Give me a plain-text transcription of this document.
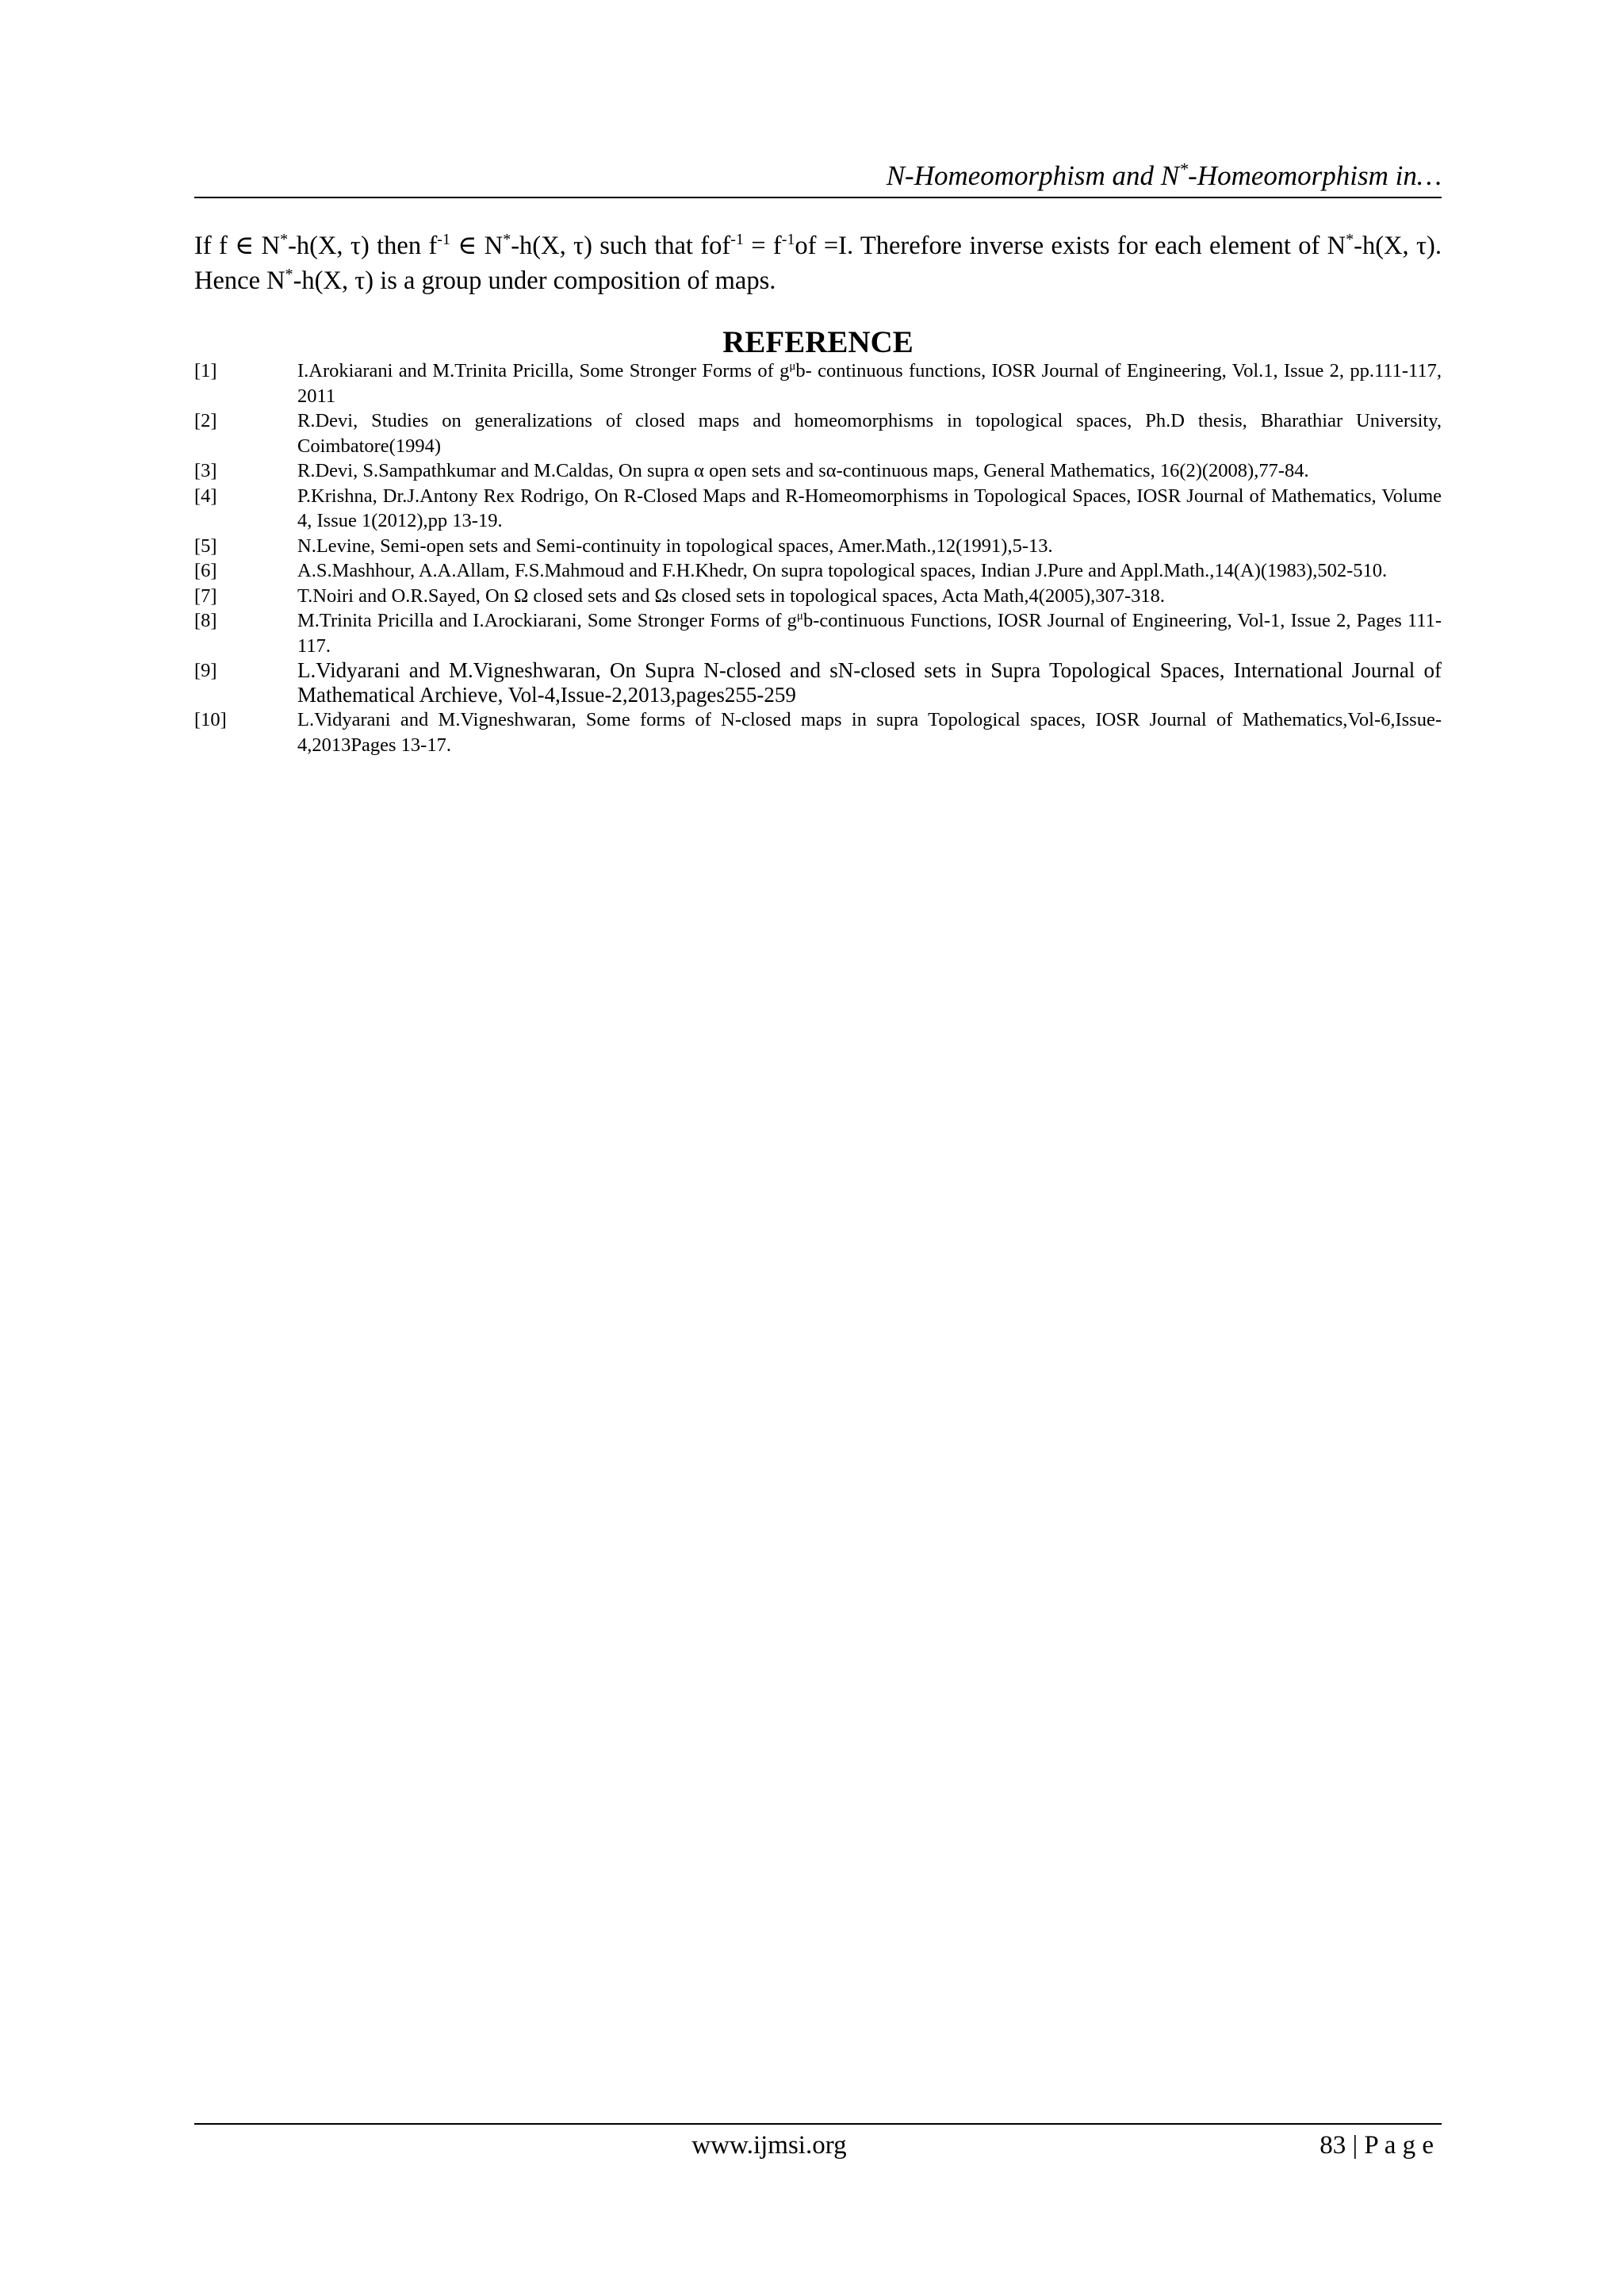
N-Homeomorphism and N*-Homeomorphism in…
If f ∈ N*-h(X, τ) then $f^{-1}$ ∈ N*-h(X, τ) such that $fof^{-1} = f^{-1}of =I$. Therefore inverse exists for each element of N*-h(X, τ). Hence N*-h(X, τ) is a group under composition of maps.
REFERENCE
[1]	I.Arokiarani and M.Trinita Pricilla, Some Stronger Forms of $g^\mu b-$ continuous functions, IOSR Journal of Engineering, Vol.1, Issue 2, pp.111-117, 2011
[2]	R.Devi, Studies on generalizations of closed maps and homeomorphisms in topological spaces, Ph.D thesis, Bharathiar University, Coimbatore(1994)
[3]	R.Devi, S.Sampathkumar and M.Caldas, On supra α open sets and sα-continuous maps, General Mathematics, 16(2)(2008),77-84.
[4]	P.Krishna, Dr.J.Antony Rex Rodrigo, On R-Closed Maps and R-Homeomorphisms in Topological Spaces, IOSR Journal of Mathematics, Volume 4, Issue 1(2012),pp 13-19.
[5]	N.Levine, Semi-open sets and Semi-continuity in topological spaces, Amer.Math.,12(1991),5-13.
[6]	A.S.Mashhour, A.A.Allam, F.S.Mahmoud and F.H.Khedr, On supra topological spaces, Indian J.Pure and Appl.Math.,14(A)(1983),502-510.
[7]	T.Noiri and O.R.Sayed, On Ω closed sets and Ωs closed sets in topological spaces, Acta Math,4(2005),307-318.
[8]	M.Trinita Pricilla and I.Arockiarani, Some Stronger Forms of $g^\mu b$-continuous Functions, IOSR Journal of Engineering, Vol-1, Issue 2, Pages 111-117.
[9]	L.Vidyarani and M.Vigneshwaran, On Supra N-closed and sN-closed sets in Supra Topological Spaces, International Journal of Mathematical Archieve, Vol-4,Issue-2,2013,pages255-259
[10]	L.Vidyarani and M.Vigneshwaran, Some forms of N-closed maps in supra Topological spaces, IOSR Journal of Mathematics,Vol-6,Issue-4,2013Pages 13-17.
www.ijmsi.org	83 | P a g e
